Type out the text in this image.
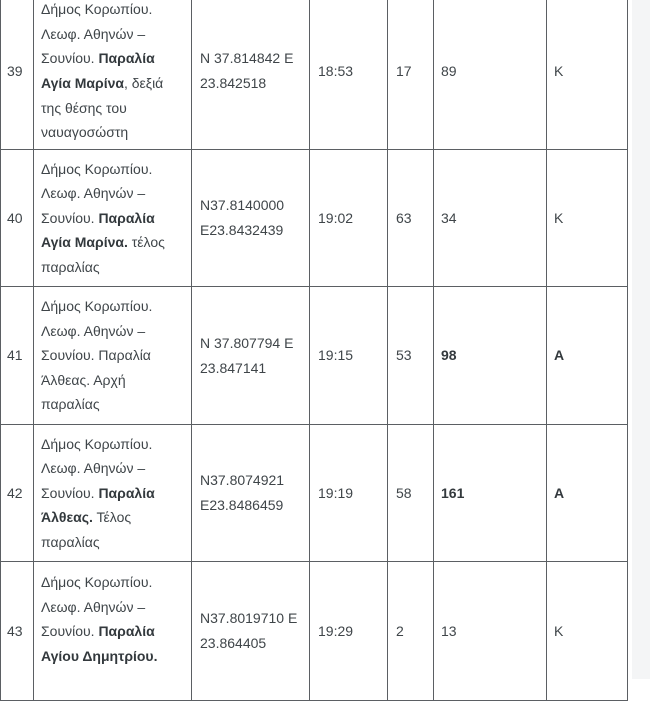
39	Δήμος Κορωπίου. Λεωφ. Αθηνών – Σουνίου. Παραλία Αγία Μαρίνα, δεξιά της θέσης του ναυαγοσώστη	N 37.814842 E 23.842518	18:53	17	89	Κ
40	Δήμος Κορωπίου. Λεωφ. Αθηνών – Σουνίου. Παραλία Αγία Μαρίνα. τέλος παραλίας	N37.8140000 E23.8432439	19:02	63	34	Κ
41	Δήμος Κορωπίου. Λεωφ. Αθηνών – Σουνίου. Παραλία Άλθεας. Αρχή παραλίας	N 37.807794 E 23.847141	19:15	53	98	Α
42	Δήμος Κορωπίου. Λεωφ. Αθηνών – Σουνίου. Παραλία Άλθεας. Τέλος παραλίας	N37.8074921 E23.8486459	19:19	58	161	Α
43	Δήμος Κορωπίου. Λεωφ. Αθηνών – Σουνίου. Παραλία Αγίου Δημητρίου.	N37.8019710 E 23.864405	19:29	2	13	Κ
